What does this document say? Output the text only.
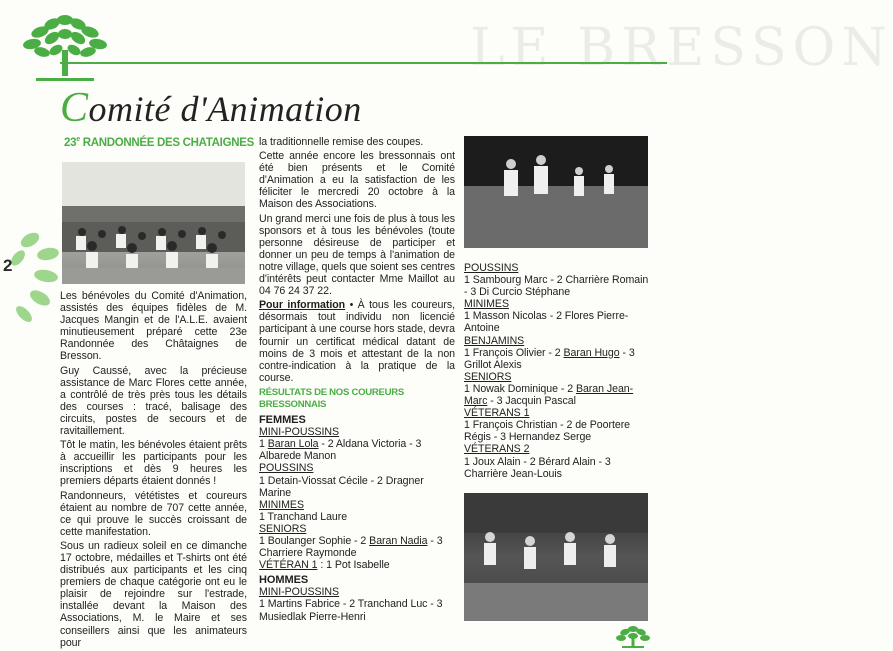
LE BRESSON
2
Comité d'Animation
23e RANDONNÉE DES CHATAIGNES

Les bénévoles du Comité d'Animation, assistés des équipes fidèles de M. Jacques Mangin et de l'A.L.E. avaient minutieusement préparé cette 23e Randonnée des Châtaignes de Bresson.

Guy Caussé, avec la précieuse assistance de Marc Flores cette année, a contrôlé de très près tous les détails des courses : tracé, balisage des circuits, postes de secours et de ravitaillement.

Tôt le matin, les bénévoles étaient prêts à accueillir les participants pour les inscriptions et dès 9 heures les premiers départs étaient donnés !

Randonneurs, vététistes et coureurs étaient au nombre de 707 cette année, ce qui prouve le succès croissant de cette manifestation.

Sous un radieux soleil en ce dimanche 17 octobre, médailles et T-shirts ont été distribués aux participants et les cinq premiers de chaque catégorie ont eu le plaisir de rejoindre sur l'estrade, installée devant la Maison des Associations, M. le Maire et ses conseillers ainsi que les animateurs pour

la traditionnelle remise des coupes.

Cette année encore les bressonnais ont été bien présents et le Comité d'Animation a eu la satisfaction de les féliciter le mercredi 20 octobre à la Maison des Associations.

Un grand merci une fois de plus à tous les sponsors et à tous les bénévoles (toute personne désireuse de participer et donner un peu de temps à l'animation de notre village, quels que soient ses centres d'intérêts peut contacter Mme Maillot au 04 76 24 37 22.

Pour information • À tous les coureurs, désormais tout individu non licencié participant à une course hors stade, devra fournir un certificat médical datant de moins de 3 mois et attestant de la non contre-indication à la pratique de la course.

RÉSULTATS DE NOS COUREURS BRESSONNAIS
FEMMES
MINI-POUSSINS
1 Baran Lola - 2 Aldana Victoria - 3 Albarede Manon
POUSSINS
1 Detain-Viossat Cécile - 2 Dragner Marine
MINIMES
1 Tranchand Laure
SENIORS
1 Boulanger Sophie - 2 Baran Nadia - 3 Charriere Raymonde
VÉTÉRAN 1 : 1 Pot Isabelle
HOMMES
MINI-POUSSINS
1 Martins Fabrice - 2 Tranchand Luc - 3 Musiedlak Pierre-Henri
POUSSINS
1 Sambourg Marc - 2 Charrière Romain - 3 Di Curcio Stéphane
MINIMES
1 Masson Nicolas - 2 Flores Pierre-Antoine
BENJAMINS
1 François Olivier - 2 Baran Hugo - 3 Grillot Alexis
SENIORS
1 Nowak Dominique - 2 Baran Jean-Marc - 3 Jacquin Pascal
VÉTERANS 1
1 François Christian - 2 de Poortere Régis - 3 Hernandez Serge
VÉTERANS 2
1 Joux Alain - 2 Bérard Alain - 3 Charrière Jean-Louis
